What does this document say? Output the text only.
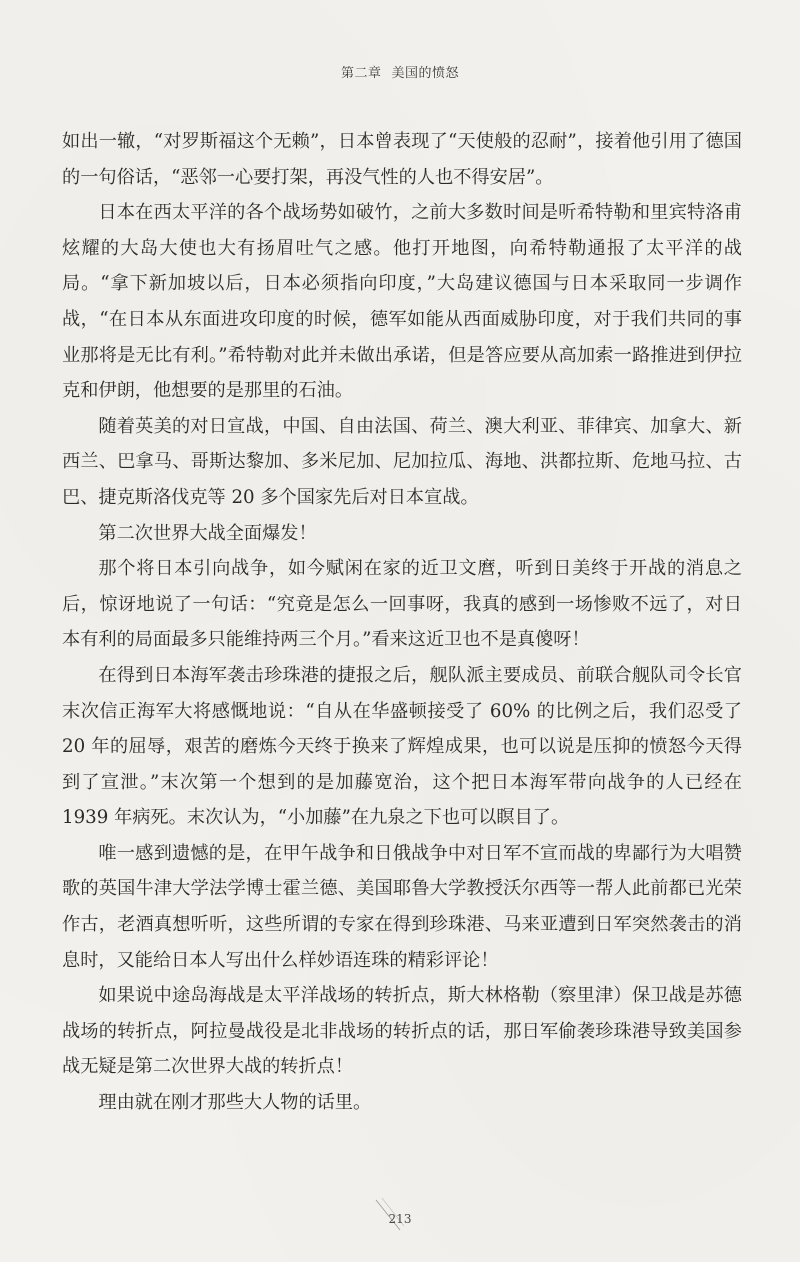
第二章 美国的愤怒

如出一辙，“对罗斯福这个无赖”，日本曾表现了“天使般的忍耐”，接着他引用了德国的一句俗话，“恶邻一心要打架，再没气性的人也不得安居”。

日本在西太平洋的各个战场势如破竹，之前大多数时间是听希特勒和里宾特洛甫炫耀的大岛大使也大有扬眉吐气之感。他打开地图，向希特勒通报了太平洋的战局。“拿下新加坡以后，日本必须指向印度，”大岛建议德国与日本采取同一步调作战，“在日本从东面进攻印度的时候，德军如能从西面威胁印度，对于我们共同的事业那将是无比有利。”希特勒对此并未做出承诺，但是答应要从高加索一路推进到伊拉克和伊朗，他想要的是那里的石油。

随着英美的对日宣战，中国、自由法国、荷兰、澳大利亚、菲律宾、加拿大、新西兰、巴拿马、哥斯达黎加、多米尼加、尼加拉瓜、海地、洪都拉斯、危地马拉、古巴、捷克斯洛伐克等 20 多个国家先后对日本宣战。

第二次世界大战全面爆发！

那个将日本引向战争，如今赋闲在家的近卫文麿，听到日美终于开战的消息之后，惊讶地说了一句话：“究竟是怎么一回事呀，我真的感到一场惨败不远了，对日本有利的局面最多只能维持两三个月。”看来这近卫也不是真傻呀！

在得到日本海军袭击珍珠港的捷报之后，舰队派主要成员、前联合舰队司令长官末次信正海军大将感慨地说：“自从在华盛顿接受了 60% 的比例之后，我们忍受了 20 年的屈辱，艰苦的磨炼今天终于换来了辉煌成果，也可以说是压抑的愤怒今天得到了宣泄。”末次第一个想到的是加藤宽治，这个把日本海军带向战争的人已经在 1939 年病死。末次认为，“小加藤”在九泉之下也可以瞑目了。

唯一感到遗憾的是，在甲午战争和日俄战争中对日军不宣而战的卑鄙行为大唱赞歌的英国牛津大学法学博士霍兰德、美国耶鲁大学教授沃尔西等一帮人此前都已光荣作古，老酒真想听听，这些所谓的专家在得到珍珠港、马来亚遭到日军突然袭击的消息时，又能给日本人写出什么样妙语连珠的精彩评论！

如果说中途岛海战是太平洋战场的转折点，斯大林格勒（察里津）保卫战是苏德战场的转折点，阿拉曼战役是北非战场的转折点的话，那日军偷袭珍珠港导致美国参战无疑是第二次世界大战的转折点！

理由就在刚才那些大人物的话里。

213
